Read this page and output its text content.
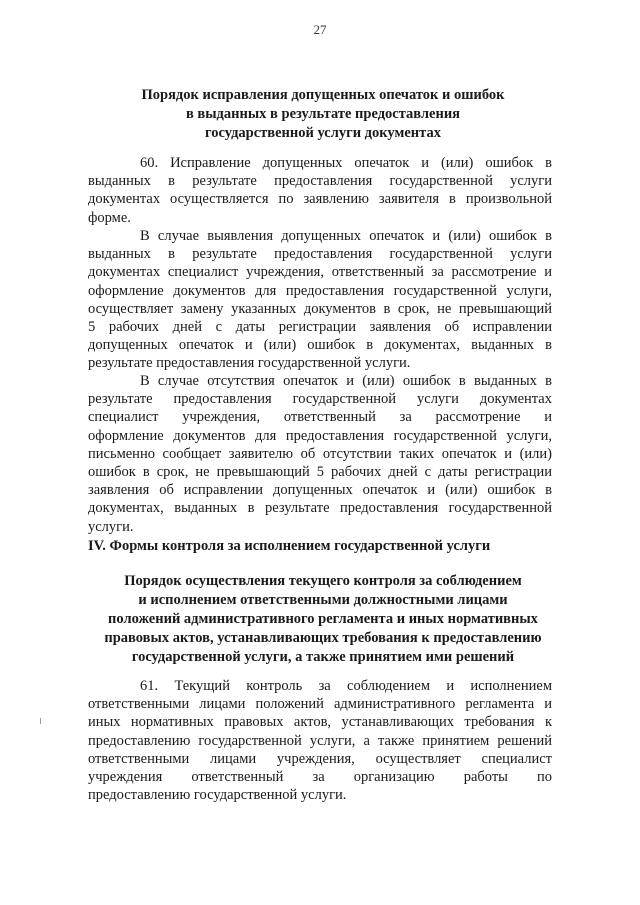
27
Порядок исправления допущенных опечаток и ошибок
в выданных в результате предоставления
государственной услуги документах
60. Исправление допущенных опечаток и (или) ошибок в
выданных в результате предоставления государственной услуги
документах осуществляется по заявлению заявителя в произвольной
форме.
В случае выявления допущенных опечаток и (или) ошибок в
выданных в результате предоставления государственной услуги
документах специалист учреждения, ответственный за рассмотрение и
оформление документов для предоставления государственной услуги,
осуществляет замену указанных документов в срок, не превышающий
5 рабочих дней с даты регистрации заявления об исправлении
допущенных опечаток и (или) ошибок в документах, выданных в
результате предоставления государственной услуги.
В случае отсутствия опечаток и (или) ошибок в выданных в
результате предоставления государственной услуги документах
специалист учреждения, ответственный за рассмотрение и
оформление документов для предоставления государственной услуги,
письменно сообщает заявителю об отсутствии таких опечаток и (или)
ошибок в срок, не превышающий 5 рабочих дней с даты регистрации
заявления об исправлении допущенных опечаток и (или) ошибок в
документах, выданных в результате предоставления государственной
услуги.
IV. Формы контроля за исполнением государственной услуги
Порядок осуществления текущего контроля за соблюдением
и исполнением ответственными должностными лицами
положений административного регламента и иных нормативных
правовых актов, устанавливающих требования к предоставлению
государственной услуги, а также принятием ими решений
61. Текущий контроль за соблюдением и исполнением
ответственными лицами положений административного регламента и
иных нормативных правовых актов, устанавливающих требования к
предоставлению государственной услуги, а также принятием решений
ответственными лицами учреждения, осуществляет специалист
учреждения ответственный за организацию работы по
предоставлению государственной услуги.
